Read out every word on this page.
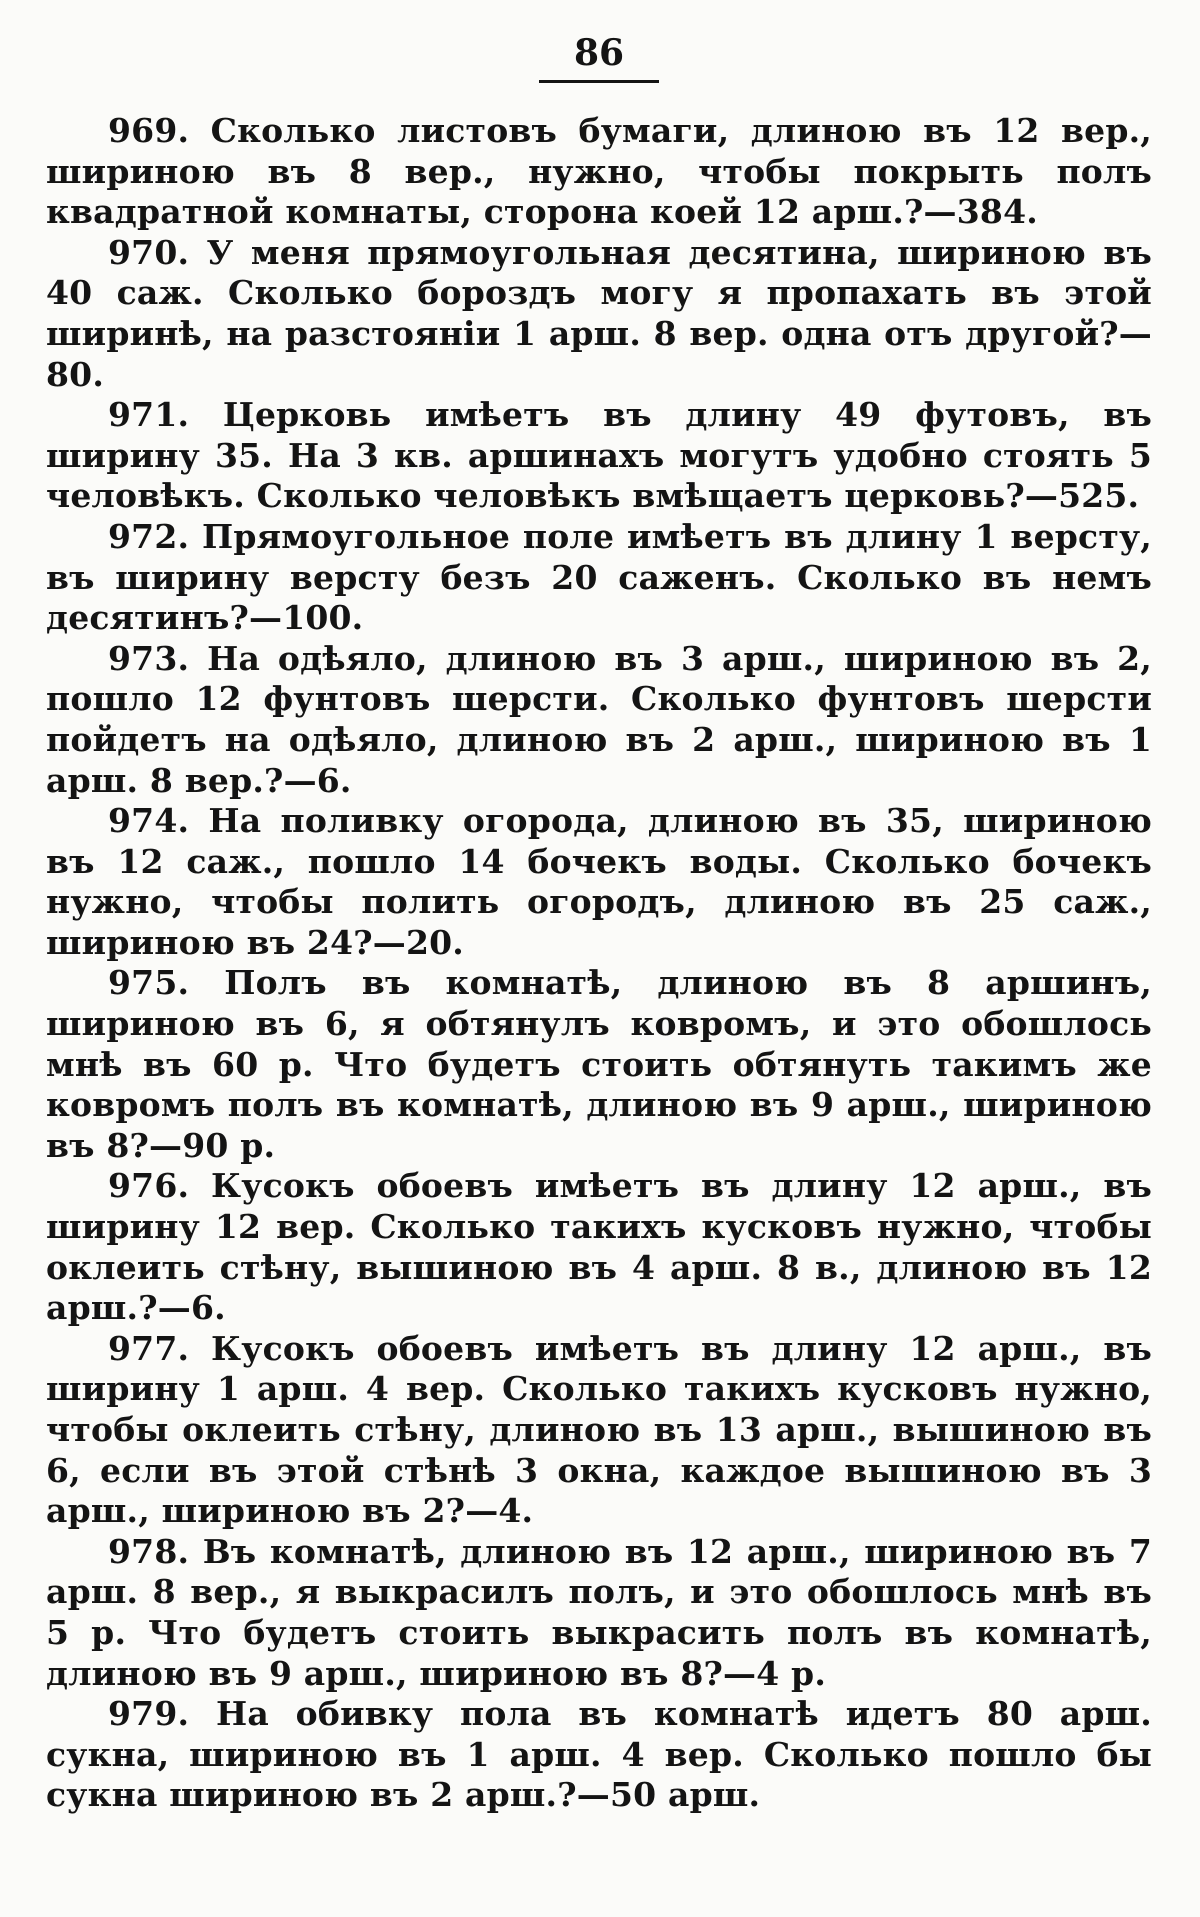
86

969. Сколько листовъ бумаги, длиною въ 12 вер., шириною въ 8 вер., нужно, чтобы покрыть полъ квадратной комнаты, сторона коей 12 арш.?—384.

970. У меня прямоугольная десятина, шириною въ 40 саж. Сколько бороздъ могу я пропахать въ этой ширинѣ, на разстояніи 1 арш. 8 вер. одна отъ другой?—80.

971. Церковь имѣетъ въ длину 49 футовъ, въ ширину 35. На 3 кв. аршинахъ могутъ удобно стоять 5 человѣкъ. Сколько человѣкъ вмѣщаетъ церковь?—525.

972. Прямоугольное поле имѣетъ въ длину 1 версту, въ ширину версту безъ 20 саженъ. Сколько въ немъ десятинъ?—100.

973. На одѣяло, длиною въ 3 арш., шириною въ 2, пошло 12 фунтовъ шерсти. Сколько фунтовъ шерсти пойдетъ на одѣяло, длиною въ 2 арш., шириною въ 1 арш. 8 вер.?—6.

974. На поливку огорода, длиною въ 35, шириною въ 12 саж., пошло 14 бочекъ воды. Сколько бочекъ нужно, чтобы полить огородъ, длиною въ 25 саж., шириною въ 24?—20.

975. Полъ въ комнатѣ, длиною въ 8 аршинъ, шириною въ 6, я обтянулъ ковромъ, и это обошлось мнѣ въ 60 р. Что будетъ стоить обтянуть такимъ же ковромъ полъ въ комнатѣ, длиною въ 9 арш., шириною въ 8?—90 р.

976. Кусокъ обоевъ имѣетъ въ длину 12 арш., въ ширину 12 вер. Сколько такихъ кусковъ нужно, чтобы оклеить стѣну, вышиною въ 4 арш. 8 в., длиною въ 12 арш.?—6.

977. Кусокъ обоевъ имѣетъ въ длину 12 арш., въ ширину 1 арш. 4 вер. Сколько такихъ кусковъ нужно, чтобы оклеить стѣну, длиною въ 13 арш., вышиною въ 6, если въ этой стѣнѣ 3 окна, каждое вышиною въ 3 арш., шириною въ 2?—4.

978. Въ комнатѣ, длиною въ 12 арш., шириною въ 7 арш. 8 вер., я выкрасилъ полъ, и это обошлось мнѣ въ 5 р. Что будетъ стоить выкрасить полъ въ комнатѣ, длиною въ 9 арш., шириною въ 8?—4 р.

979. На обивку пола въ комнатѣ идетъ 80 арш. сукна, шириною въ 1 арш. 4 вер. Сколько пошло бы сукна шириною въ 2 арш.?—50 арш.
